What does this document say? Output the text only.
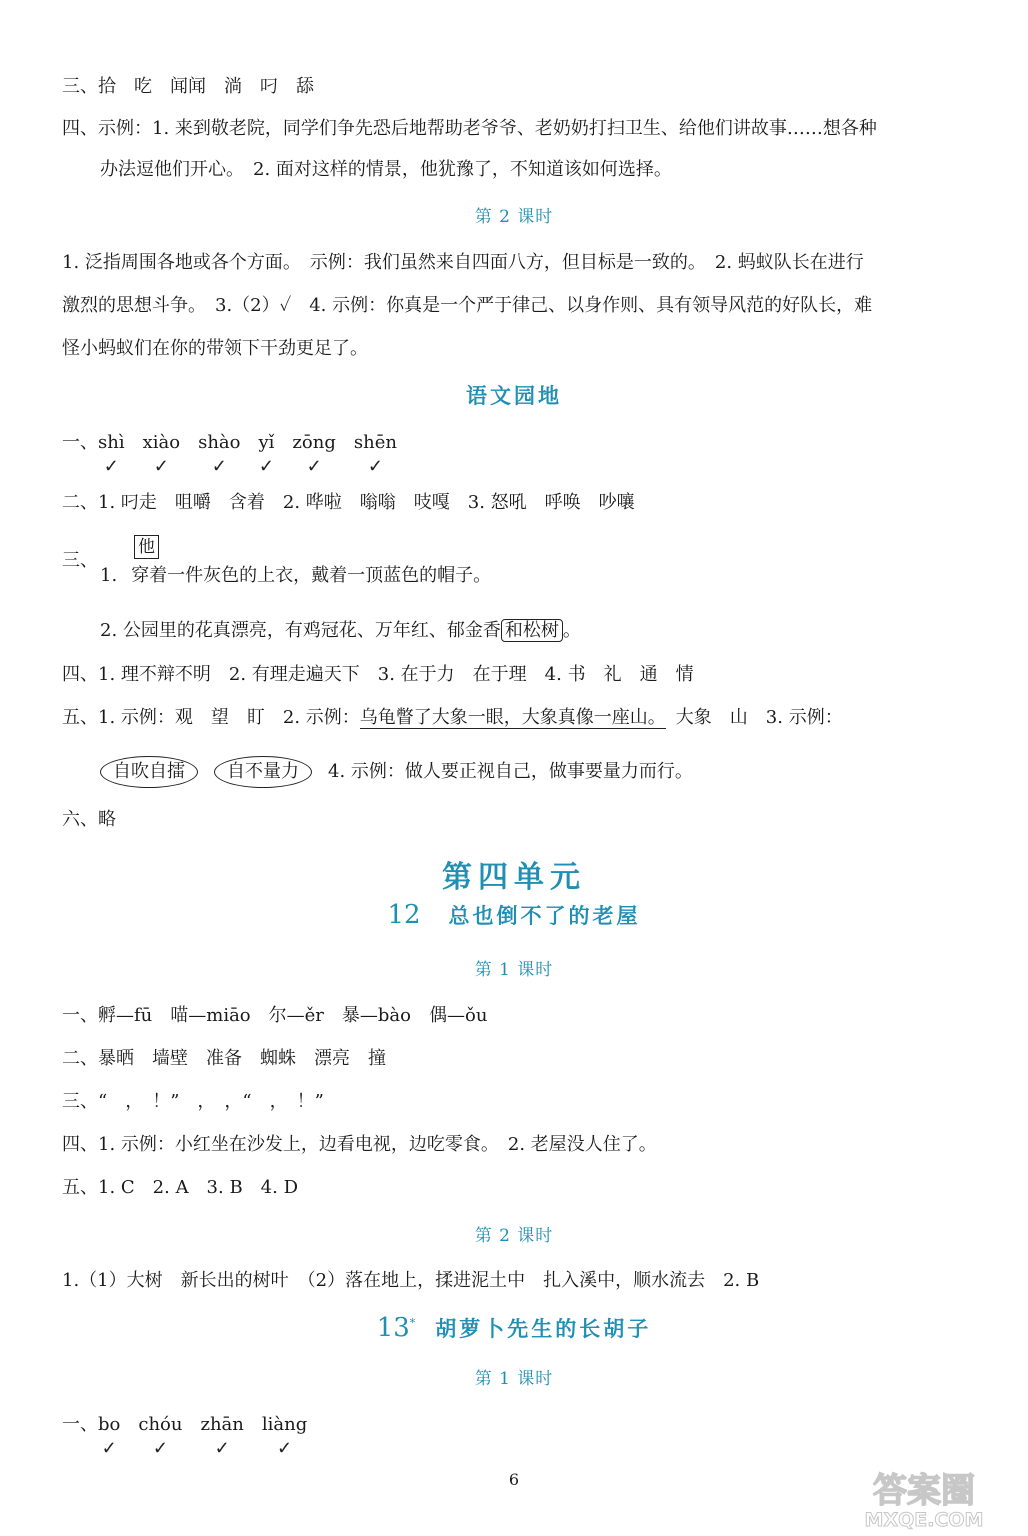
三、拾　吃　闻闻　淌　叼　舔
四、示例：1. 来到敬老院，同学们争先恐后地帮助老爷爷、老奶奶打扫卫生、给他们讲故事……想各种
办法逗他们开心。　2. 面对这样的情景，他犹豫了，不知道该如何选择。
第 2 课时
1. 泛指周围各地或各个方面。　示例：我们虽然来自四面八方，但目标是一致的。　2. 蚂蚁队长在进行
激烈的思想斗争。　3.（2）✓　4. 示例：你真是一个严于律己、以身作则、具有领导风范的好队长，难
怪小蚂蚁们在你的带领下干劲更足了。
语文园地
一、shì
✓
xiào
✓
shào
✓
yǐ
✓
zōng
✓
shēn
✓
二、1. 叼走　咀嚼　含着　2. 哗啦　嗡嗡　吱嘎　3. 怒吼　呼唤　吵嚷
三、
他
1. 穿着一件灰色的上衣，戴着一顶蓝色的帽子。
2. 公园里的花真漂亮，有鸡冠花、万年红、郁金香 和松树 。
四、1. 理不辩不明　2. 有理走遍天下　3. 在于力　在于理　4. 书　礼　通　情
五、1. 示例：观　望　盯　2. 示例：乌龟瞥了大象一眼，大象真像一座山。 大象　山　3. 示例：
自吹自擂 自不量力 4. 示例：做人要正视自己，做事要量力而行。
六、略
第四单元
12 总也倒不了的老屋
第 1 课时
一、孵—fū　喵—miāo　尔—ěr　暴—bào　偶—ǒu
二、暴晒　墙壁　准备　蜘蛛　漂亮　撞
三、“　，　！”　，　，“　，　！”
四、1. 示例：小红坐在沙发上，边看电视，边吃零食。　2. 老屋没人住了。
五、1. C　2. A　3. B　4. D
第 2 课时
1.（1）大树　新长出的树叶　（2）落在地上，揉进泥土中　扎入溪中，顺水流去　2. B
13* 胡萝卜先生的长胡子
第 1 课时
一、bo
✓
chóu
✓
zhān
✓
liàng
✓
6	答案圈
MXQE.COM
